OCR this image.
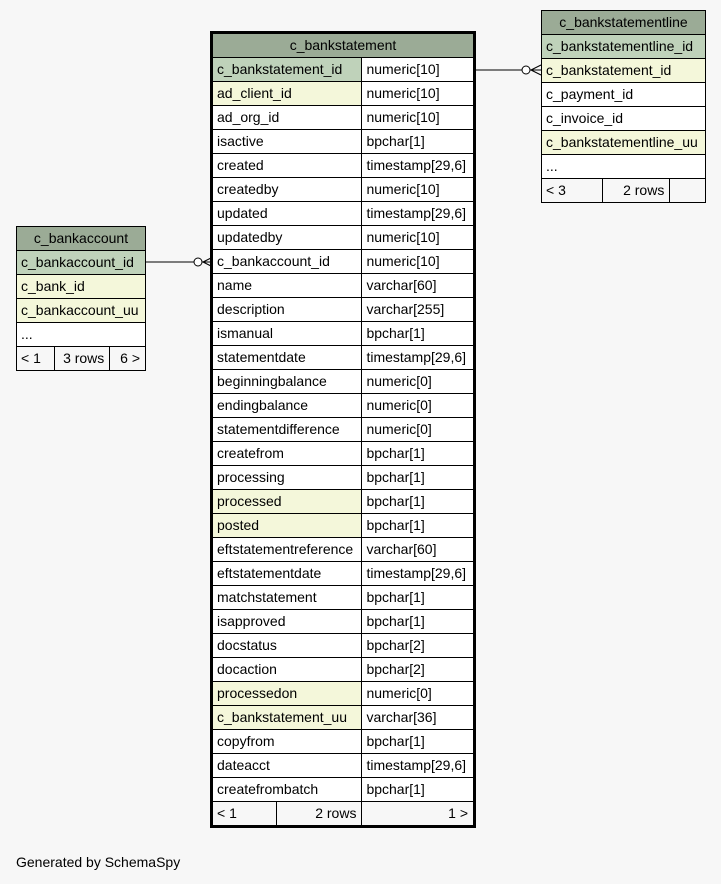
c_bankstatement		
c_bankstatement_id		numeric[10]
ad_client_id		numeric[10]
ad_org_id		numeric[10]
isactive		bpchar[1]
created		timestamp[29,6]
createdby		numeric[10]
updated		timestamp[29,6]
updatedby		numeric[10]
c_bankaccount_id		numeric[10]
name		varchar[60]
description		varchar[255]
ismanual		bpchar[1]
statementdate		timestamp[29,6]
beginningbalance		numeric[0]
endingbalance		numeric[0]
statementdifference		numeric[0]
createfrom		bpchar[1]
processing		bpchar[1]
processed		bpchar[1]
posted		bpchar[1]
eftstatementreference		varchar[60]
eftstatementdate		timestamp[29,6]
matchstatement		bpchar[1]
isapproved		bpchar[1]
docstatus		bpchar[2]
docaction		bpchar[2]
processedon		numeric[0]
c_bankstatement_uu		varchar[36]
copyfrom		bpchar[1]
dateacct		timestamp[29,6]
createfrombatch		bpchar[1]
< 1	2 rows	1 >
c_bankaccount
c_bankaccount_id
c_bank_id
c_bankaccount_uu
...
< 1	3 rows	6 >
c_bankstatementline
c_bankstatementline_id
c_bankstatement_id
c_payment_id
c_invoice_id
c_bankstatementline_uu
...
< 3	2 rows	
Generated by SchemaSpy
